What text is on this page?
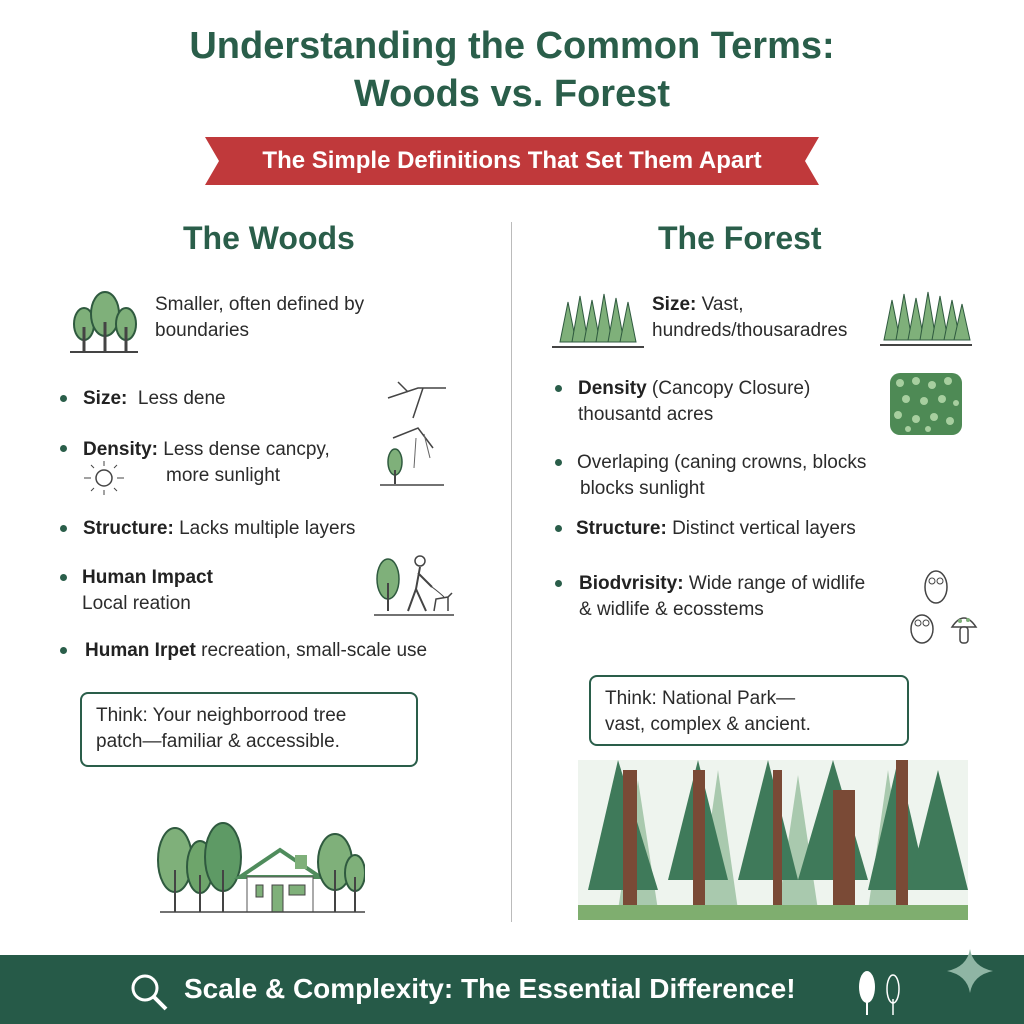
Understanding the Common Terms:
Woods vs. Forest
The Simple Definitions That Set Them Apart
The Woods
Smaller, often defined by
boundaries
Size: Less dene
Density: Less dense cancpy,
more sunlight
Structure: Lacks multiple layers
Human Impact
Local reation
Human Irpet recreation, small-scale use
Think: Your neighborrood tree
patch—familiar & accessible.
The Forest
Size: Vast,
hundreds/thousaradres
Density (Cancopy Closure)
thousantd acres
Overlaping (caning crowns, blocks
blocks sunlight
Structure: Distinct vertical layers
Biodvrisity: Wide range of widlife
& widlife & ecosstems
Think: National Park—
vast, complex & ancient.
Scale & Complexity: The Essential Difference!
